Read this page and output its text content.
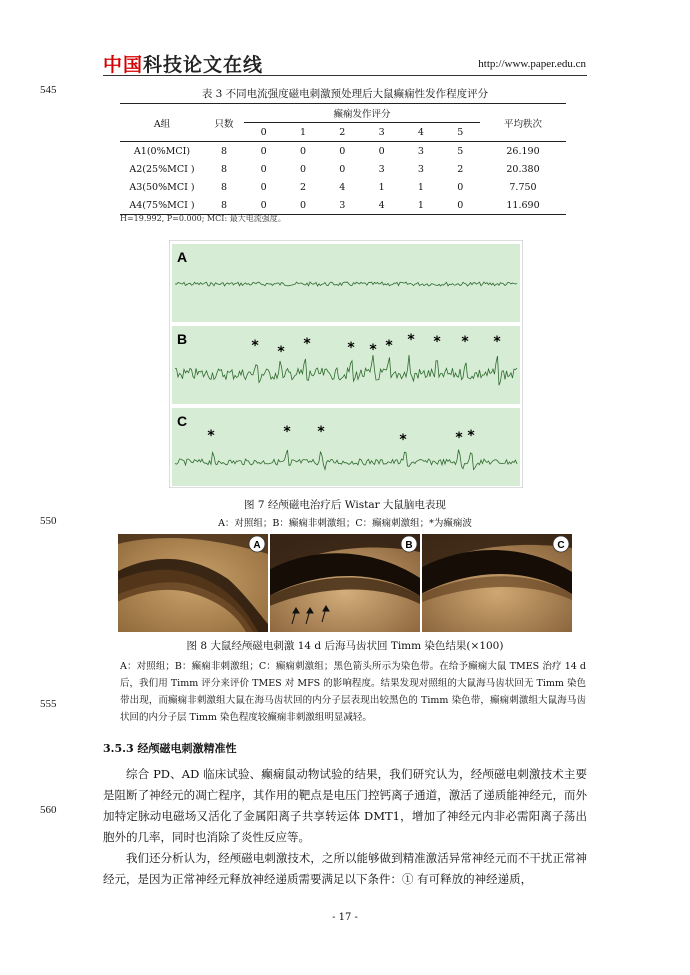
中国科技论文在线	http://www.paper.edu.cn
545
550
555
560
表 3 不同电流强度磁电刺激预处理后大鼠癫痫性发作程度评分
A组	只数	癫痫发作评分						平均秩次
		0	1	2	3	4	5	
A1(0%MCI)	8	0	0	0	0	3	5	26.190
A2(25%MCI )	8	0	0	0	3	3	2	20.380
A3(50%MCI )	8	0	2	4	1	1	0	7.750
A4(75%MCI )	8	0	0	3	4	1	0	11.690
H=19.992, P=0.000; MCI: 最大电流强度。
A
B
C
* * *	* * * * * * *
*	* *	*	* *
图 7 经颅磁电治疗后 Wistar 大鼠脑电表现
A：对照组；B：癫痫非刺激组；C：癫痫刺激组；*为癫痫波
A	B	C
图 8 大鼠经颅磁电刺激 14 d 后海马齿状回 Timm 染色结果(×100)
A：对照组；B：癫痫非刺激组；C：癫痫刺激组；黑色箭头所示为染色带。在给予癫痫大鼠 TMES 治疗 14 d 后，我们用 Timm 评分来评价 TMES 对 MFS 的影响程度。结果发现对照组的大鼠海马齿状回无 Timm 染色带出现，而癫痫非刺激组大鼠在海马齿状回的内分子层表现出较黑色的 Timm 染色带，癫痫刺激组大鼠海马齿状回的内分子层 Timm 染色程度较癫痫非刺激组明显减轻。
3.5.3 经颅磁电刺激精准性
综合 PD、AD 临床试验、癫痫鼠动物试验的结果，我们研究认为，经颅磁电刺激技术主要是阻断了神经元的凋亡程序，其作用的靶点是电压门控钙离子通道，激活了递质能神经元，而外加特定脉动电磁场又活化了金属阳离子共享转运体 DMT1，增加了神经元内非必需阳离子荡出胞外的几率，同时也消除了炎性反应等。
我们还分析认为，经颅磁电刺激技术，之所以能够做到精准激活异常神经元而不干扰正常神经元，是因为正常神经元释放神经递质需要满足以下条件：① 有可释放的神经递质，
- 17 -
